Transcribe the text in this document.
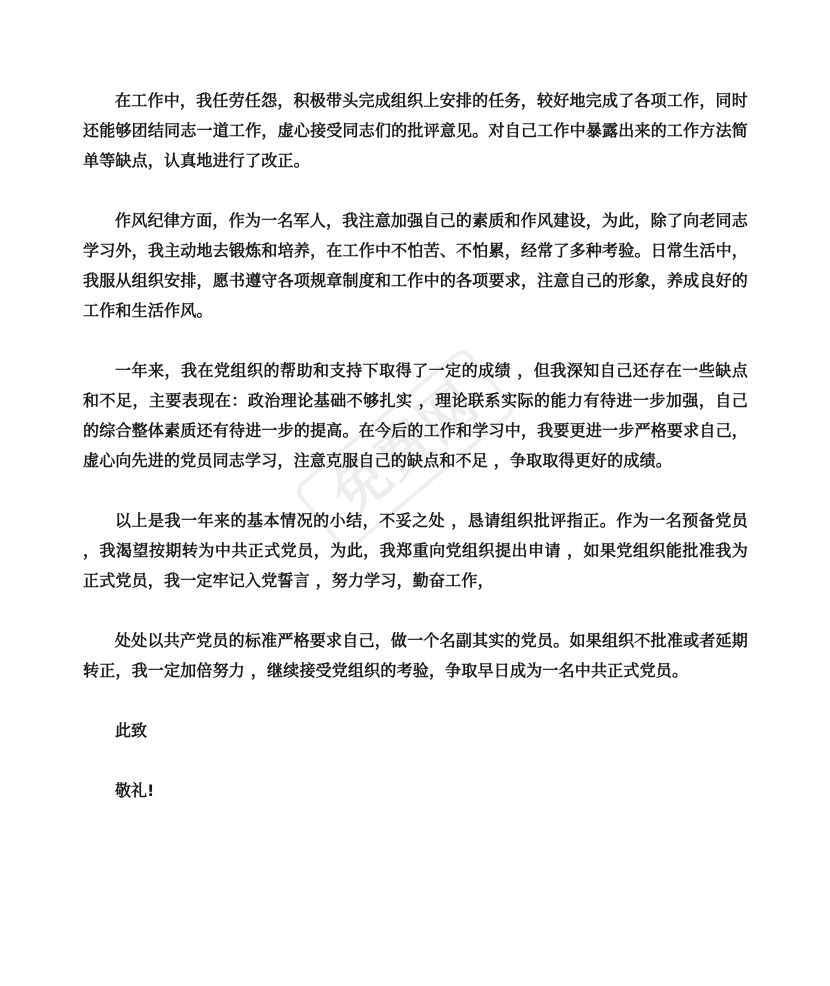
免费网

在工作中，我任劳任怨，积极带头完成组织上安排的任务，较好地完成了各项工作，同时还能够团结同志一道工作，虚心接受同志们的批评意见。对自己工作中暴露出来的工作方法简单等缺点，认真地进行了改正。

作风纪律方面，作为一名军人，我注意加强自己的素质和作风建设，为此，除了向老同志学习外，我主动地去锻炼和培养，在工作中不怕苦、不怕累，经常了多种考验。日常生活中，我服从组织安排，愿书遵守各项规章制度和工作中的各项要求，注意自己的形象，养成良好的工作和生活作风。

一年来，我在党组织的帮助和支持下取得了一定的成绩 ，但我深知自己还存在一些缺点和不足，主要表现在：政治理论基础不够扎实 ，理论联系实际的能力有待进一步加强，自己的综合整体素质还有待进一步的提高。在今后的工作和学习中，我要更进一步严格要求自己，虚心向先进的党员同志学习，注意克服自己的缺点和不足 ，争取取得更好的成绩。

以上是我一年来的基本情况的小结，不妥之处 ，恳请组织批评指正。作为一名预备党员 ，我渴望按期转为中共正式党员，为此，我郑重向党组织提出申请 ，如果党组织能批准我为正式党员，我一定牢记入党誓言 ，努力学习，勤奋工作，

处处以共产党员的标准严格要求自己，做一个名副其实的党员。如果组织不批准或者延期转正，我一定加倍努力 ，继续接受党组织的考验，争取早日成为一名中共正式党员。

此致

敬礼!
